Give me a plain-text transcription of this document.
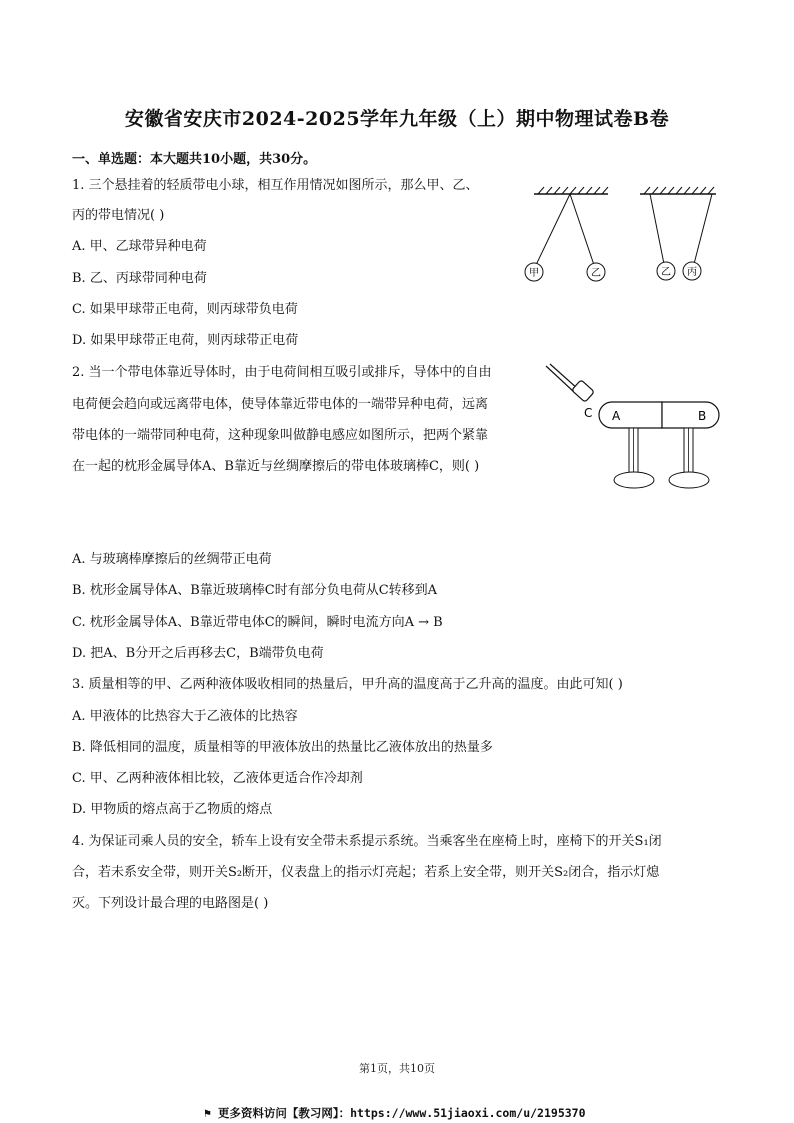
安徽省安庆市2024-2025学年九年级（上）期中物理试卷B卷
一、单选题：本大题共10小题，共30分。
1. 三个悬挂着的轻质带电小球，相互作用情况如图所示，那么甲、乙、
丙的带电情况( )
A. 甲、乙球带异种电荷
B. 乙、丙球带同种电荷
C. 如果甲球带正电荷，则丙球带负电荷
D. 如果甲球带正电荷，则丙球带正电荷
甲	乙	乙 丙
2. 当一个带电体靠近导体时，由于电荷间相互吸引或排斥，导体中的自由
电荷便会趋向或远离带电体，使导体靠近带电体的一端带异种电荷，远离
带电体的一端带同种电荷，这种现象叫做静电感应如图所示，把两个紧靠
在一起的枕形金属导体A、B靠近与丝绸摩擦后的带电体玻璃棒C，则( )
C A	B
A. 与玻璃棒摩擦后的丝绸带正电荷
B. 枕形金属导体A、B靠近玻璃棒C时有部分负电荷从C转移到A
C. 枕形金属导体A、B靠近带电体C的瞬间，瞬时电流方向A → B
D. 把A、B分开之后再移去C，B端带负电荷
3. 质量相等的甲、乙两种液体吸收相同的热量后，甲升高的温度高于乙升高的温度。由此可知( )
A. 甲液体的比热容大于乙液体的比热容
B. 降低相同的温度，质量相等的甲液体放出的热量比乙液体放出的热量多
C. 甲、乙两种液体相比较，乙液体更适合作冷却剂
D. 甲物质的熔点高于乙物质的熔点
4. 为保证司乘人员的安全，轿车上设有安全带未系提示系统。当乘客坐在座椅上时，座椅下的开关S₁闭
合，若未系安全带，则开关S₂断开，仪表盘上的指示灯亮起；若系上安全带，则开关S₂闭合，指示灯熄
灭。下列设计最合理的电路图是( )
第1页，共10页
⚑ 更多资料访问【教习网】：https://www.51jiaoxi.com/u/2195370
